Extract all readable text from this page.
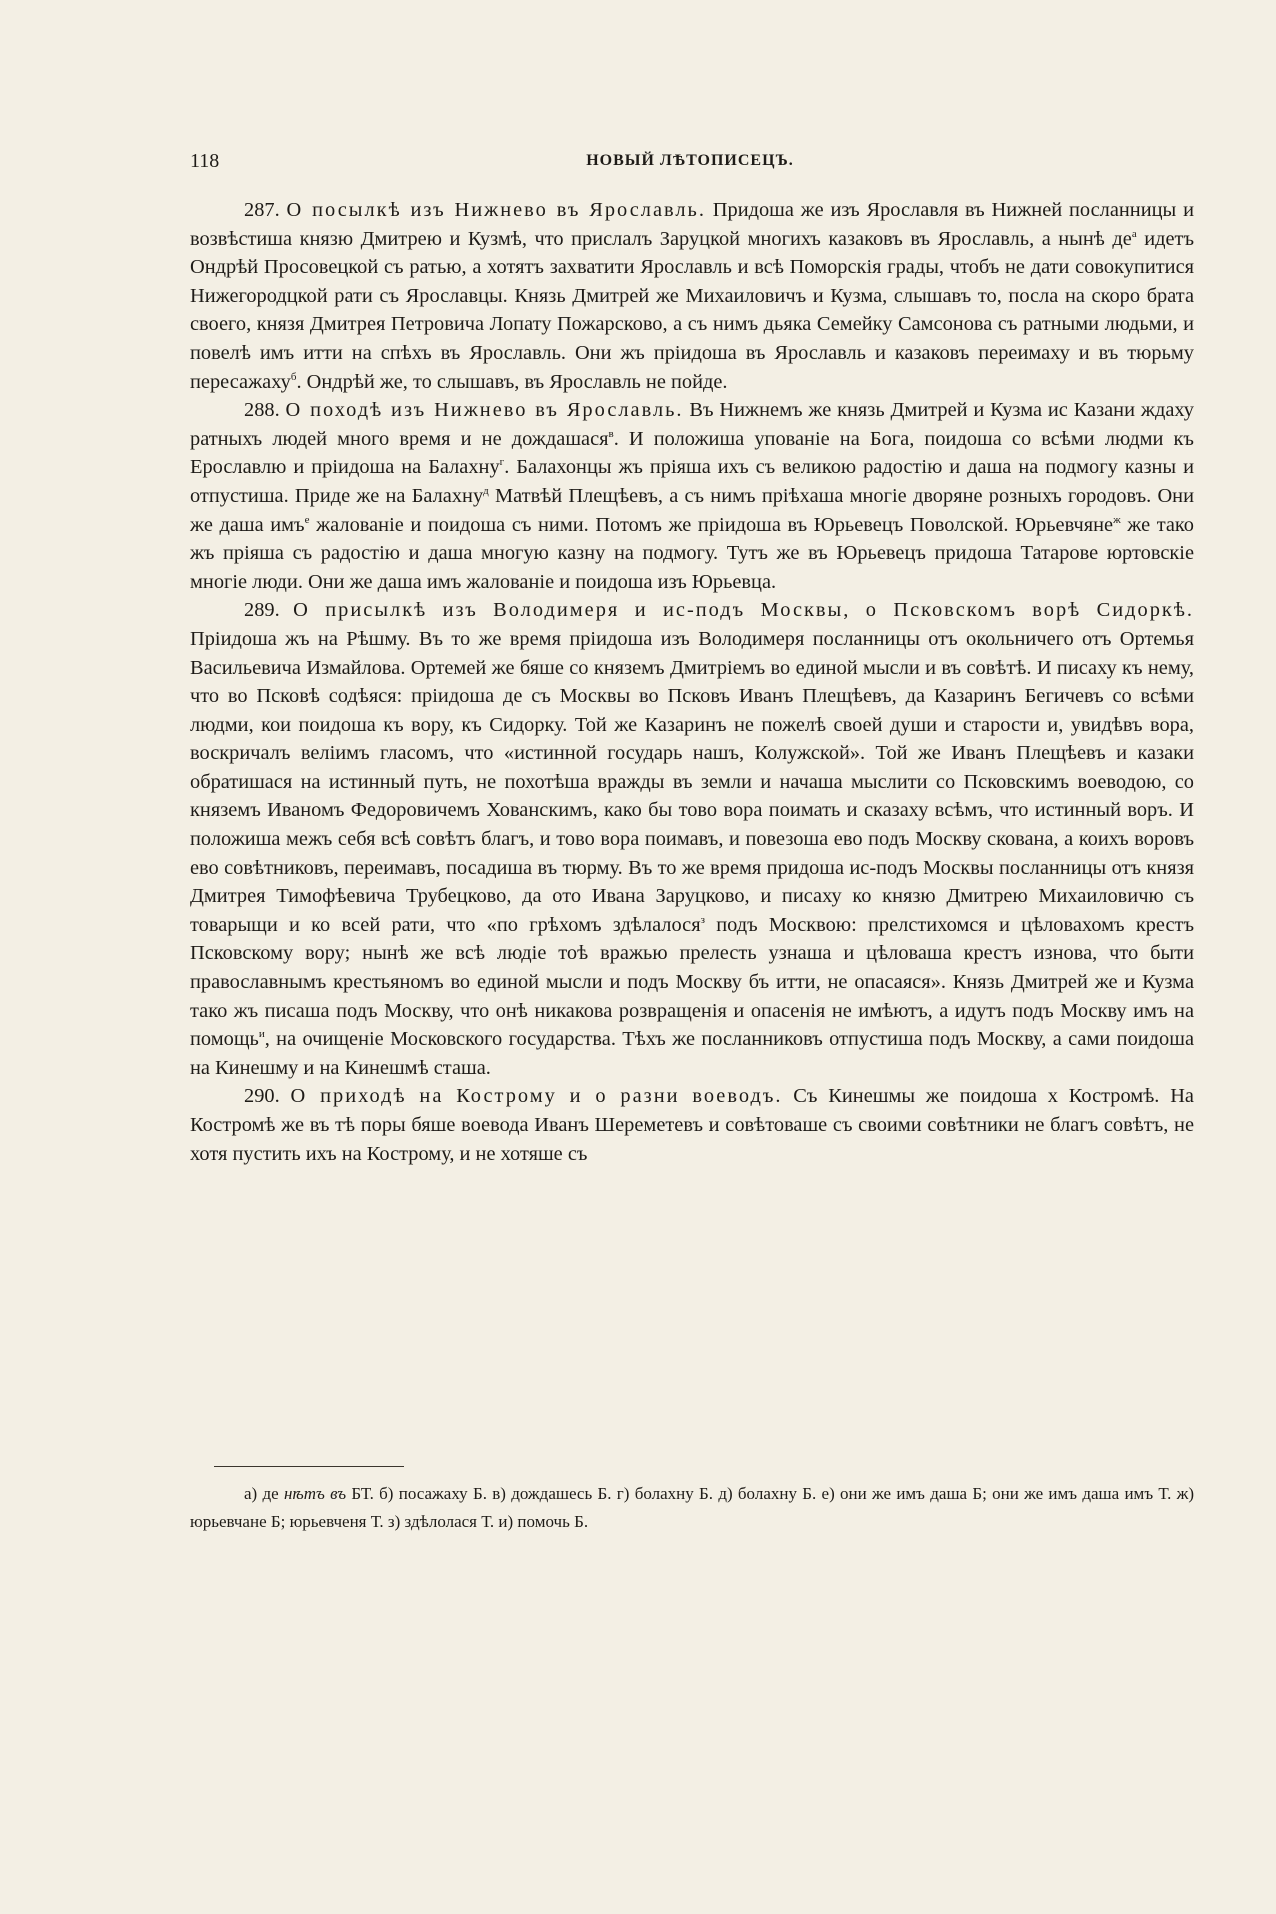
118	НОВЫЙ ЛѢТОПИСЕЦЪ.

287. О посылкѣ изъ Нижнево въ Ярославль. Придоша же изъ Ярославля въ Нижней посланницы и возвѣстиша князю Дмитрею и Кузмѣ, что прислалъ Заруцкой многихъ казаковъ въ Ярославль, а нынѣ де$^а$ идетъ Ондрѣй Просовецкой съ ратью, а хотятъ захватити Ярославль и всѣ Поморскія грады, чтобъ не дати совокупитися Нижегородцкой рати съ Ярославцы. Князь Дмитрей же Михаиловичъ и Кузма, слышавъ то, посла на скоро брата своего, князя Дмитрея Петровича Лопату Пожарсково, а съ нимъ дьяка Семейку Самсонова съ ратными людьми, и повелѣ имъ итти на спѣхъ въ Ярославль. Они жъ пріидоша въ Ярославль и казаковъ переимаху и въ тюрьму пересажаху$^б$. Ондрѣй же, то слышавъ, въ Ярославль не пойде.

288. О походѣ изъ Нижнево въ Ярославль. Въ Нижнемъ же князь Дмитрей и Кузма ис Казани ждаху ратныхъ людей много время и не дождашася$^в$. И положиша упованіе на Бога, поидоша со всѣми людми къ Ерославлю и пріидоша на Балахну$^г$. Балахонцы жъ пріяша ихъ съ великою радостію и даша на подмогу казны и отпустиша. Приде же на Балахну$^д$ Матвѣй Плещѣевъ, а съ нимъ пріѣхаша многіе дворяне розныхъ городовъ. Они же даша имъ$^е$ жалованіе и поидоша съ ними. Потомъ же пріидоша въ Юрьевецъ Поволской. Юрьевчяне$^ж$ же тако жъ пріяша съ радостію и даша многую казну на подмогу. Тутъ же въ Юрьевецъ придоша Татарове юртовскіе многіе люди. Они же даша имъ жалованіе и поидоша изъ Юрьевца.

289. О присылкѣ изъ Володимеря и ис-подъ Москвы, о Псковскомъ ворѣ Сидоркѣ. Пріидоша жъ на Рѣшму. Въ то же время пріидоша изъ Володимеря посланницы отъ окольничего отъ Ортемья Васильевича Измайлова. Ортемей же бяше со княземъ Дмитріемъ во единой мысли и въ совѣтѣ. И писаху къ нему, что во Псковѣ содѣяся: пріидоша де съ Москвы во Псковъ Иванъ Плещѣевъ, да Казаринъ Бегичевъ со всѣми людми, кои поидоша къ вору, къ Сидорку. Той же Казаринъ не пожелѣ своей души и старости и, увидѣвъ вора, воскричалъ веліимъ гласомъ, что «истинной государь нашъ, Колужской». Той же Иванъ Плещѣевъ и казаки обратишася на истинный путь, не похотѣша вражды въ земли и начаша мыслити со Псковскимъ воеводою, со княземъ Иваномъ Федоровичемъ Хованскимъ, како бы тово вора поимать и сказаху всѣмъ, что истинный воръ. И положиша межъ себя всѣ совѣтъ благъ, и тово вора поимавъ, и повезоша ево подъ Москву скована, а коихъ воровъ ево совѣтниковъ, переимавъ, посадиша въ тюрму. Въ то же время придоша ис-подъ Москвы посланницы отъ князя Дмитрея Тимофѣевича Трубецково, да ото Ивана Заруцково, и писаху ко князю Дмитрею Михаиловичю съ товарыщи и ко всей рати, что «по грѣхомъ здѣлалося$^з$ подъ Москвою: прелстихомся и цѣловахомъ крестъ Псковскому вору; нынѣ же всѣ людіе тоѣ вражью прелесть узнаша и цѣловаша крестъ изнова, что быти православнымъ крестьяномъ во единой мысли и подъ Москву бъ итти, не опасаяся». Князь Дмитрей же и Кузма тако жъ писаша подъ Москву, что онѣ никакова розвращенія и опасенія не имѣютъ, а идутъ подъ Москву имъ на помощь$^и$, на очищеніе Московского государства. Тѣхъ же посланниковъ отпустиша подъ Москву, а сами поидоша на Кинешму и на Кинешмѣ сташа.

290. О приходѣ на Кострому и о разни воеводъ. Съ Кинешмы же поидоша х Костромѣ. На Костромѣ же въ тѣ поры бяше воевода Иванъ Шереметевъ и совѣтоваше съ своими совѣтники не благъ совѣтъ, не хотя пустить ихъ на Кострому, и не хотяше съ

а) де нѣтъ въ БТ. б) посажаху Б. в) дождашесь Б. г) болахну Б. д) болахну Б. е) они же имъ даша Б; они же имъ даша имъ Т. ж) юрьевчане Б; юрьевченя Т. з) здѣлолася Т. и) помочь Б.
